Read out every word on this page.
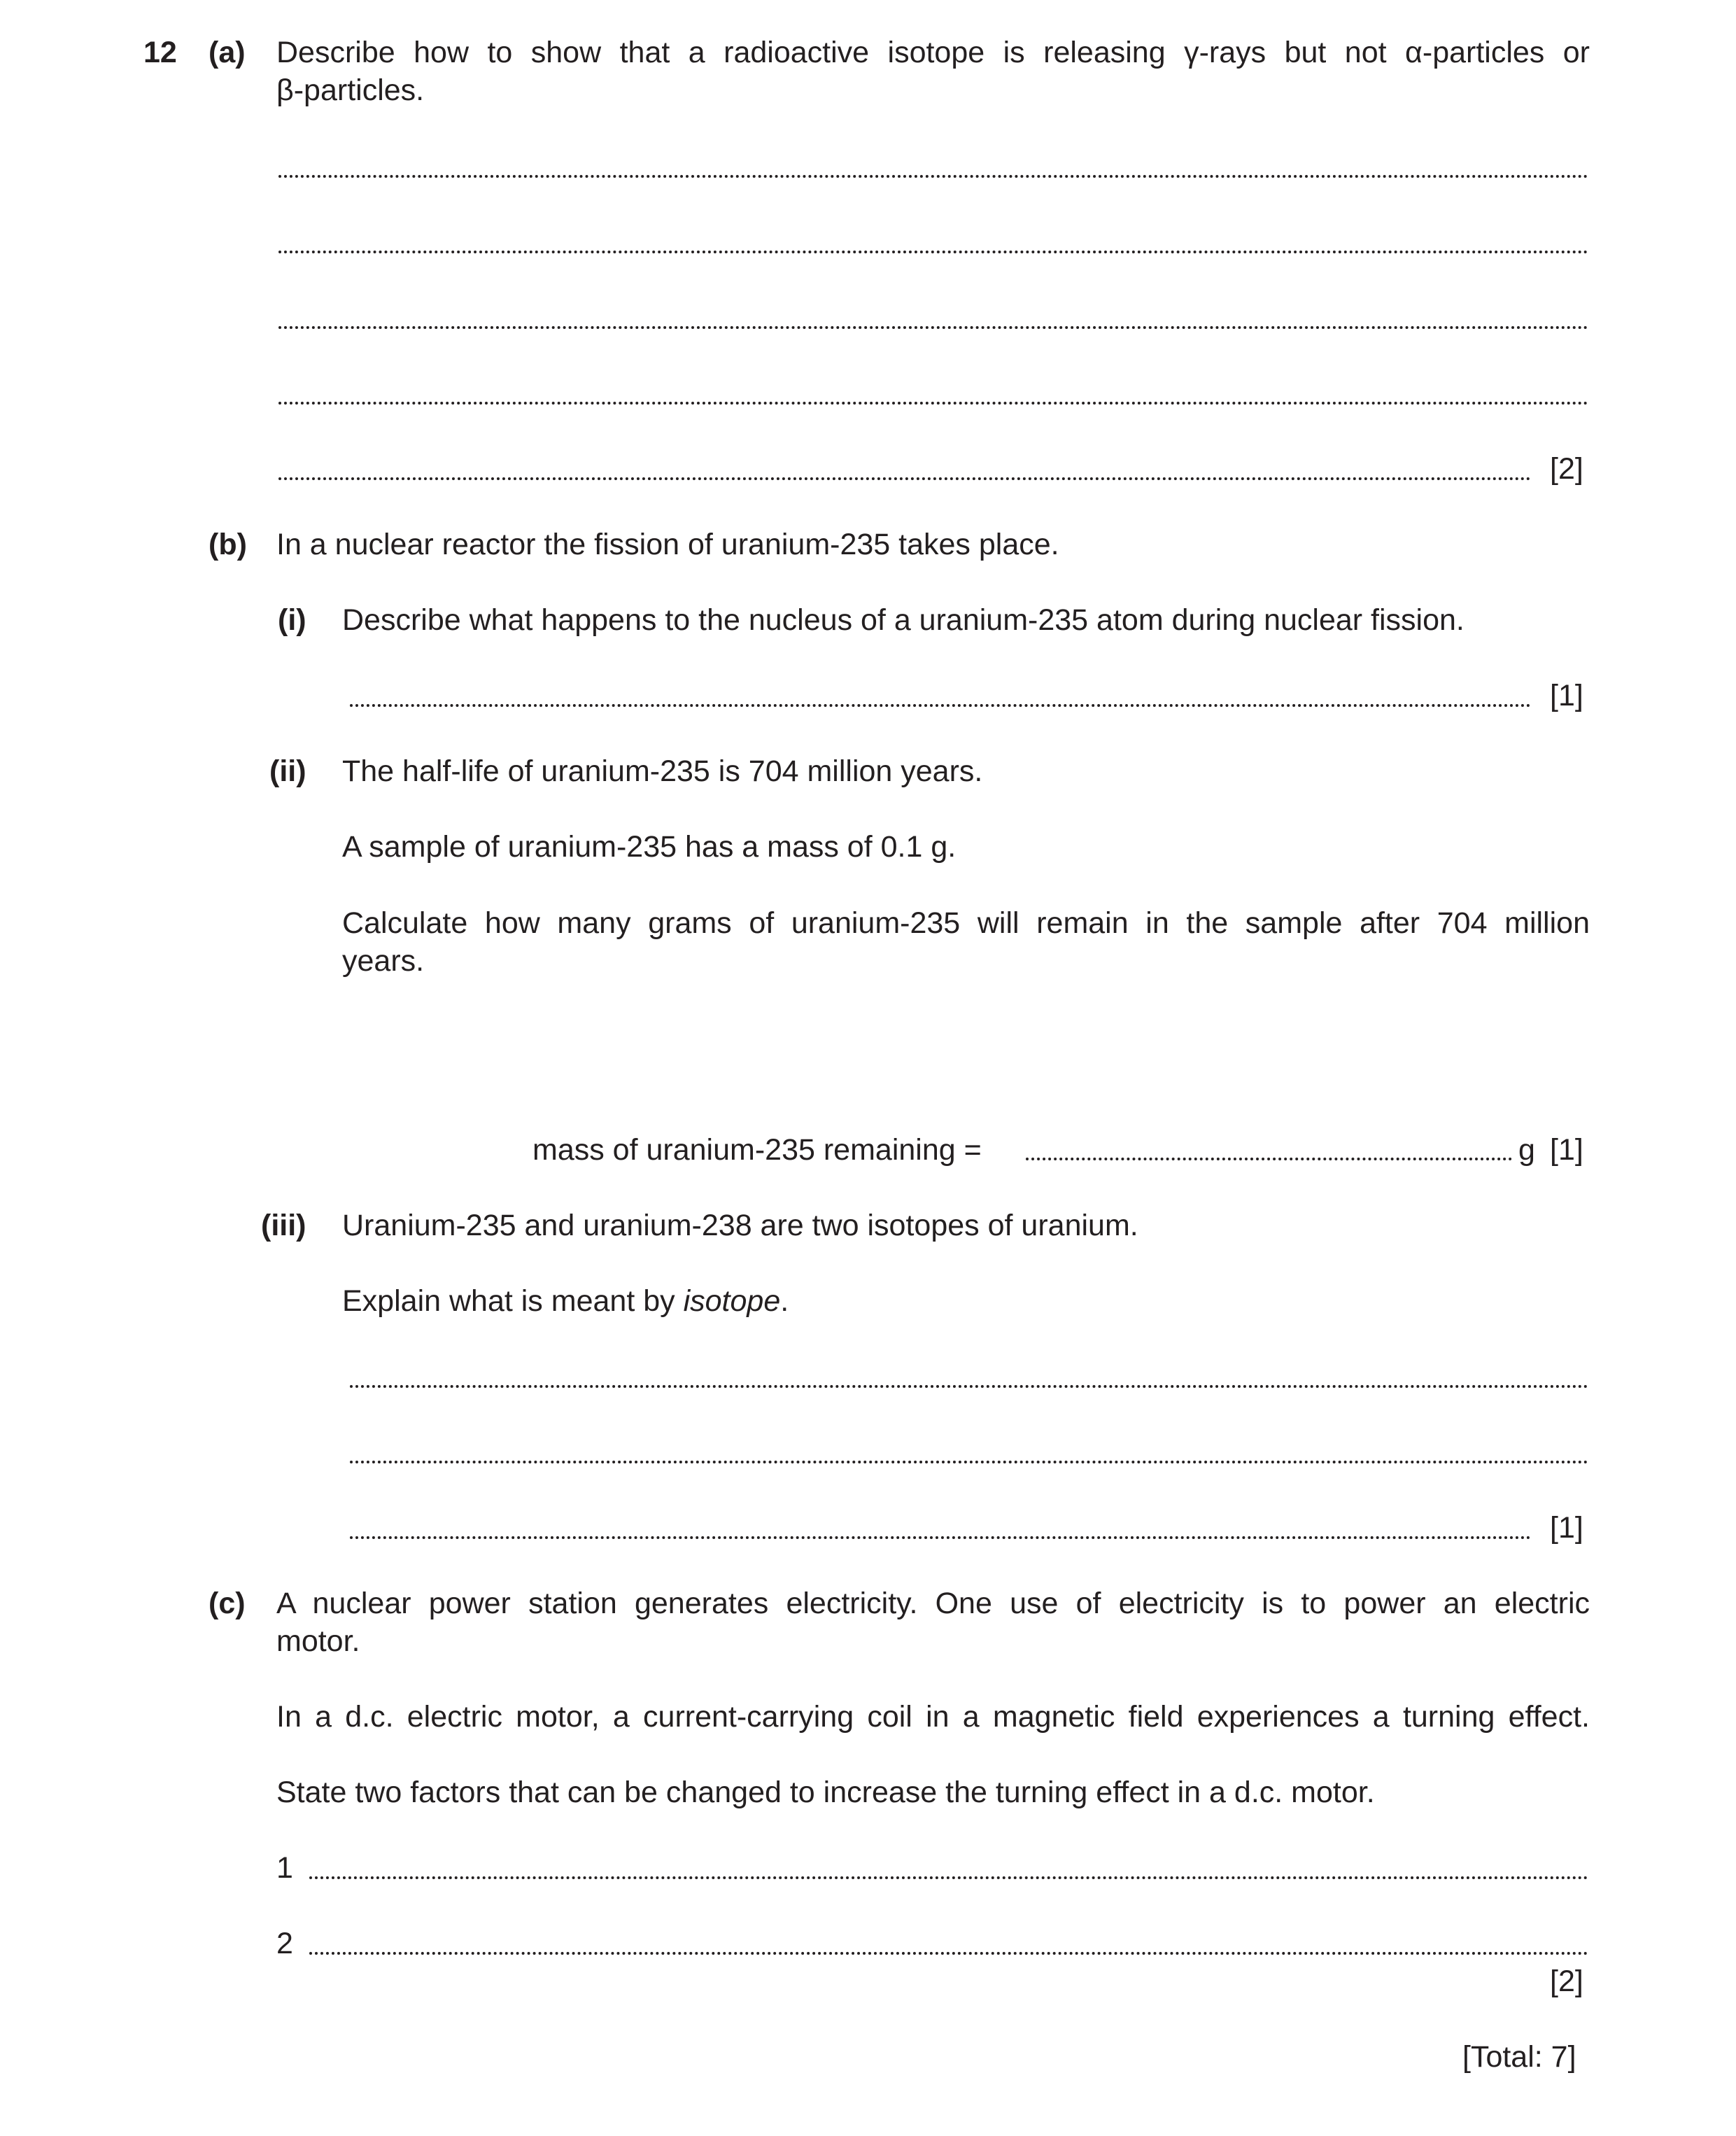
12 (a) Describe how to show that a radioactive isotope is releasing γ-rays but not α-particles or
β-particles.
[2]
(b) In a nuclear reactor the fission of uranium-235 takes place.
(i) Describe what happens to the nucleus of a uranium-235 atom during nuclear fission.
[1]
(ii) The half-life of uranium-235 is 704 million years.
A sample of uranium-235 has a mass of 0.1 g.
Calculate how many grams of uranium-235 will remain in the sample after 704 million
years.
mass of uranium-235 remaining =	g [1]
(iii) Uranium-235 and uranium-238 are two isotopes of uranium.
Explain what is meant by isotope.
[1]
(c) A nuclear power station generates electricity. One use of electricity is to power an electric
motor.
In a d.c. electric motor, a current-carrying coil in a magnetic field experiences a turning effect.
State two factors that can be changed to increase the turning effect in a d.c. motor.
1
2
[2]
[Total: 7]
